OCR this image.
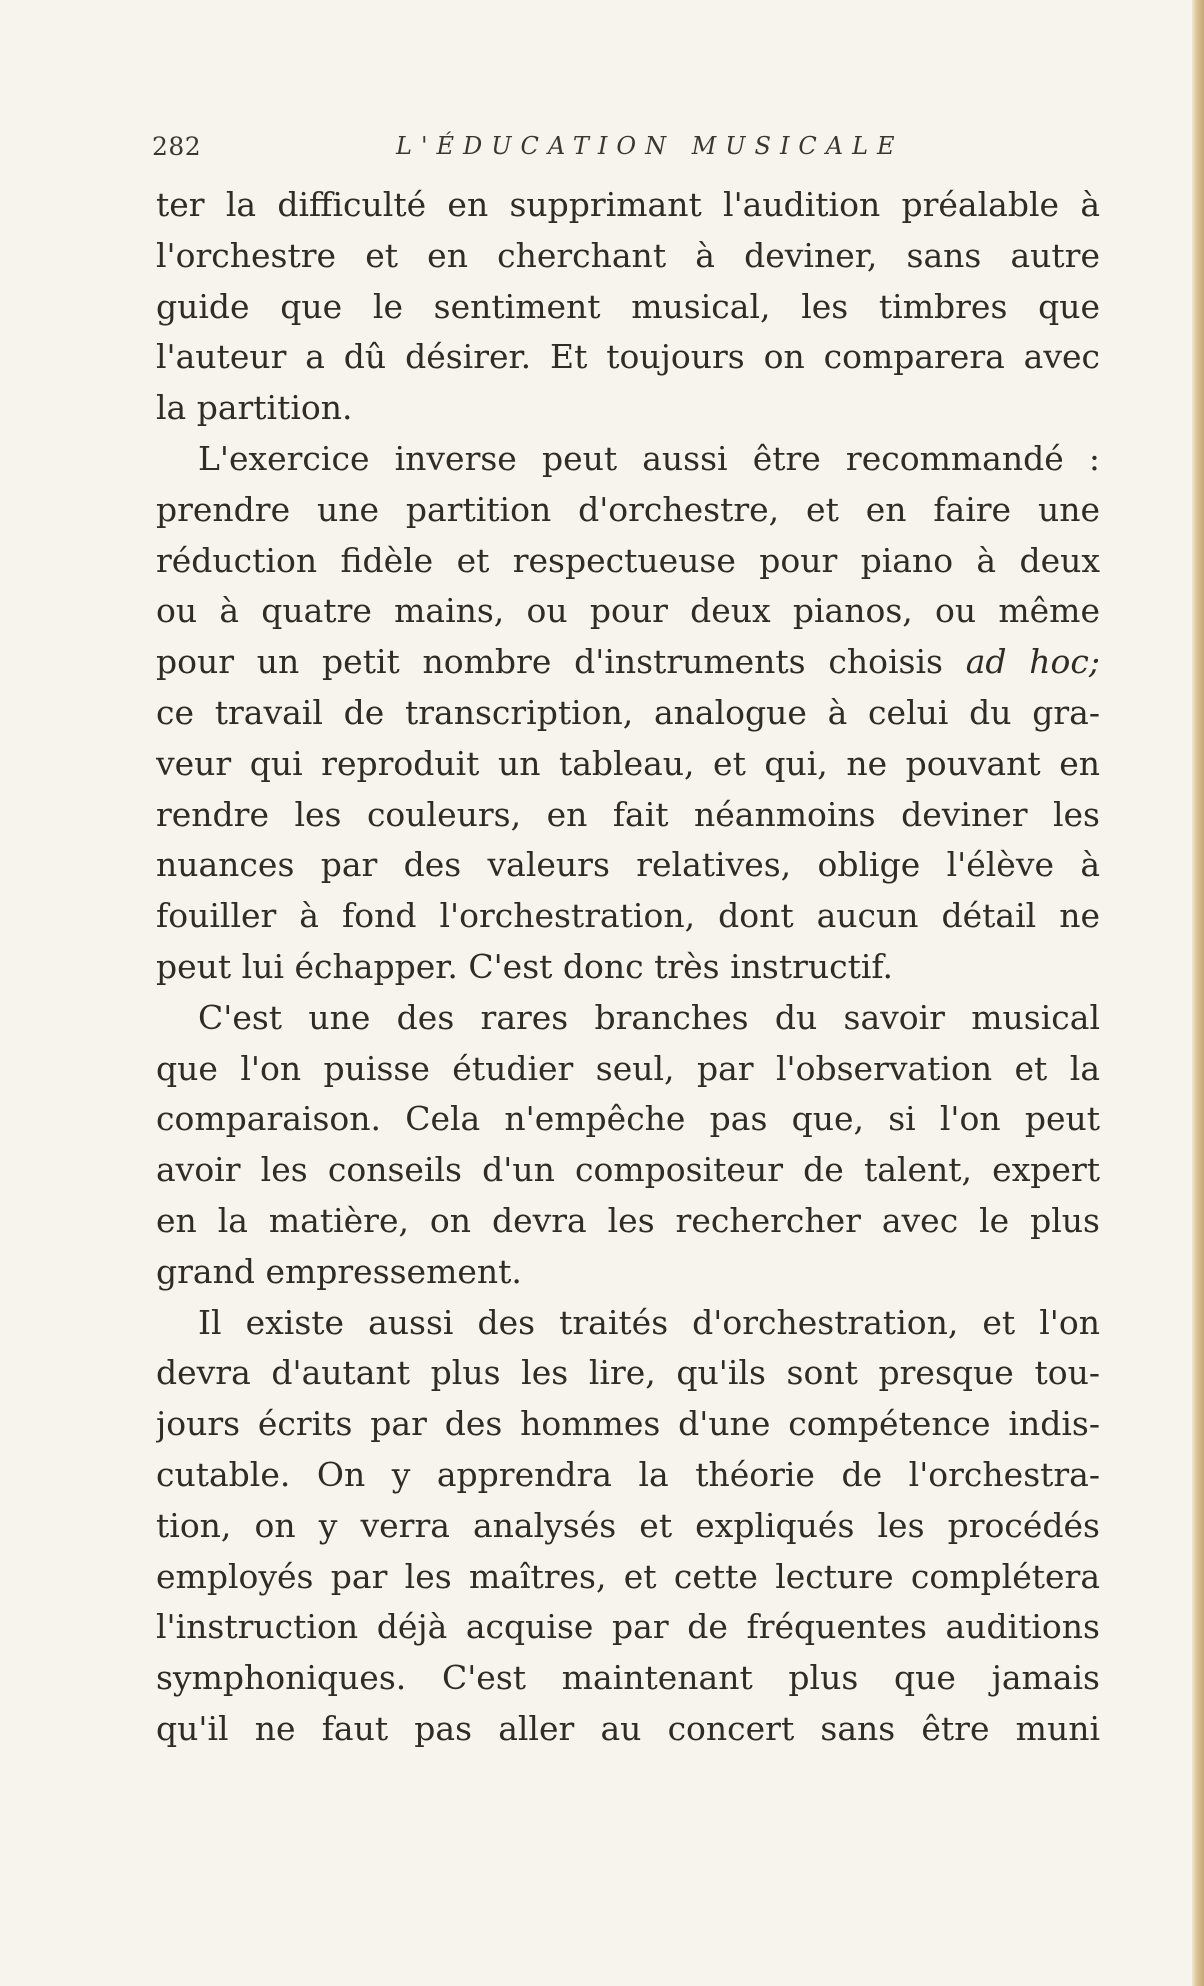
282	L'ÉDUCATION MUSICALE
ter la difficulté en supprimant l'audition préalable à
l'orchestre et en cherchant à deviner, sans autre
guide que le sentiment musical, les timbres que
l'auteur a dû désirer. Et toujours on comparera avec
la partition.
L'exercice inverse peut aussi être recommandé :
prendre une partition d'orchestre, et en faire une
réduction fidèle et respectueuse pour piano à deux
ou à quatre mains, ou pour deux pianos, ou même
pour un petit nombre d'instruments choisis ad hoc;
ce travail de transcription, analogue à celui du gra-
veur qui reproduit un tableau, et qui, ne pouvant en
rendre les couleurs, en fait néanmoins deviner les
nuances par des valeurs relatives, oblige l'élève à
fouiller à fond l'orchestration, dont aucun détail ne
peut lui échapper. C'est donc très instructif.
C'est une des rares branches du savoir musical
que l'on puisse étudier seul, par l'observation et la
comparaison. Cela n'empêche pas que, si l'on peut
avoir les conseils d'un compositeur de talent, expert
en la matière, on devra les rechercher avec le plus
grand empressement.
Il existe aussi des traités d'orchestration, et l'on
devra d'autant plus les lire, qu'ils sont presque tou-
jours écrits par des hommes d'une compétence indis-
cutable. On y apprendra la théorie de l'orchestra-
tion, on y verra analysés et expliqués les procédés
employés par les maîtres, et cette lecture complétera
l'instruction déjà acquise par de fréquentes auditions
symphoniques. C'est maintenant plus que jamais
qu'il ne faut pas aller au concert sans être muni
